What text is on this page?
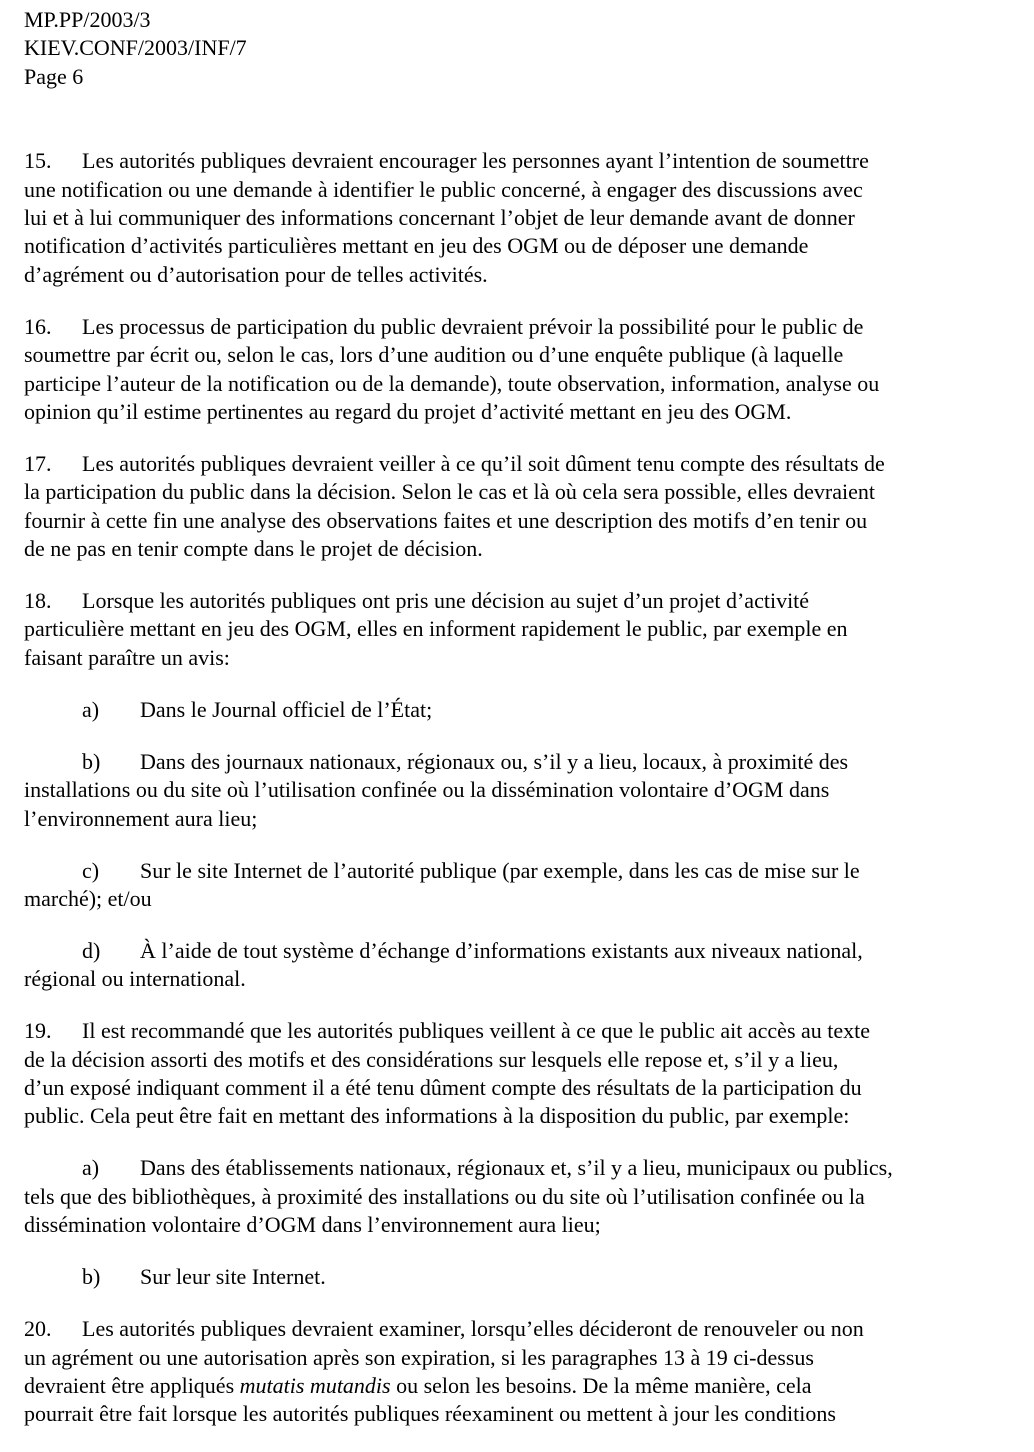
MP.PP/2003/3
KIEV.CONF/2003/INF/7
Page 6
15. Les autorités publiques devraient encourager les personnes ayant l’intention de soumettre
une notification ou une demande à identifier le public concerné, à engager des discussions avec
lui et à lui communiquer des informations concernant l’objet de leur demande avant de donner
notification d’activités particulières mettant en jeu des OGM ou de déposer une demande
d’agrément ou d’autorisation pour de telles activités.
16. Les processus de participation du public devraient prévoir la possibilité pour le public de
soumettre par écrit ou, selon le cas, lors d’une audition ou d’une enquête publique (à laquelle
participe l’auteur de la notification ou de la demande), toute observation, information, analyse ou
opinion qu’il estime pertinentes au regard du projet d’activité mettant en jeu des OGM.
17. Les autorités publiques devraient veiller à ce qu’il soit dûment tenu compte des résultats de
la participation du public dans la décision. Selon le cas et là où cela sera possible, elles devraient
fournir à cette fin une analyse des observations faites et une description des motifs d’en tenir ou
de ne pas en tenir compte dans le projet de décision.
18. Lorsque les autorités publiques ont pris une décision au sujet d’un projet d’activité
particulière mettant en jeu des OGM, elles en informent rapidement le public, par exemple en
faisant paraître un avis:
a) Dans le Journal officiel de l’État;
b) Dans des journaux nationaux, régionaux ou, s’il y a lieu, locaux, à proximité des
installations ou du site où l’utilisation confinée ou la dissémination volontaire d’OGM dans
l’environnement aura lieu;
c) Sur le site Internet de l’autorité publique (par exemple, dans les cas de mise sur le
marché); et/ou
d) À l’aide de tout système d’échange d’informations existants aux niveaux national,
régional ou international.
19. Il est recommandé que les autorités publiques veillent à ce que le public ait accès au texte
de la décision assorti des motifs et des considérations sur lesquels elle repose et, s’il y a lieu,
d’un exposé indiquant comment il a été tenu dûment compte des résultats de la participation du
public. Cela peut être fait en mettant des informations à la disposition du public, par exemple:
a) Dans des établissements nationaux, régionaux et, s’il y a lieu, municipaux ou publics,
tels que des bibliothèques, à proximité des installations ou du site où l’utilisation confinée ou la
dissémination volontaire d’OGM dans l’environnement aura lieu;
b) Sur leur site Internet.
20. Les autorités publiques devraient examiner, lorsqu’elles décideront de renouveler ou non
un agrément ou une autorisation après son expiration, si les paragraphes 13 à 19 ci-dessus
devraient être appliqués mutatis mutandis ou selon les besoins. De la même manière, cela
pourrait être fait lorsque les autorités publiques réexaminent ou mettent à jour les conditions
